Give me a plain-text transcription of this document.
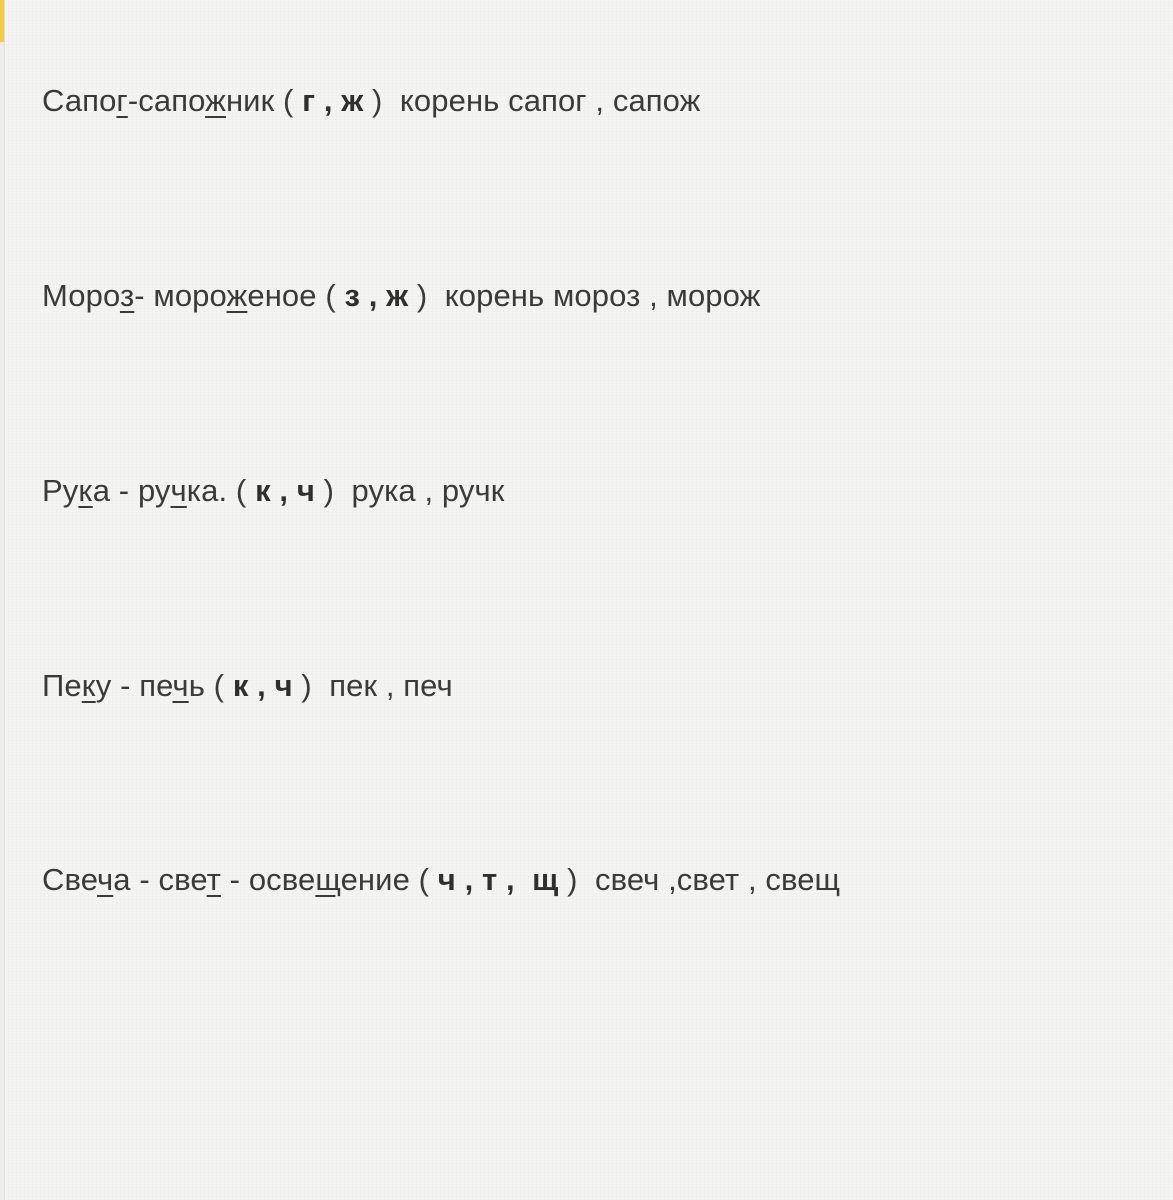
Сапог-сапожник ( г , ж )  корень сапог , сапож
Мороз- мороженое ( з , ж )  корень мороз , морож
Рука - ручка. ( к , ч )  рука , ручк
Пеку - печь ( к , ч )  пек , печ
Свеча - свет - освещение ( ч , т ,  щ )  свеч ,свет , свещ
